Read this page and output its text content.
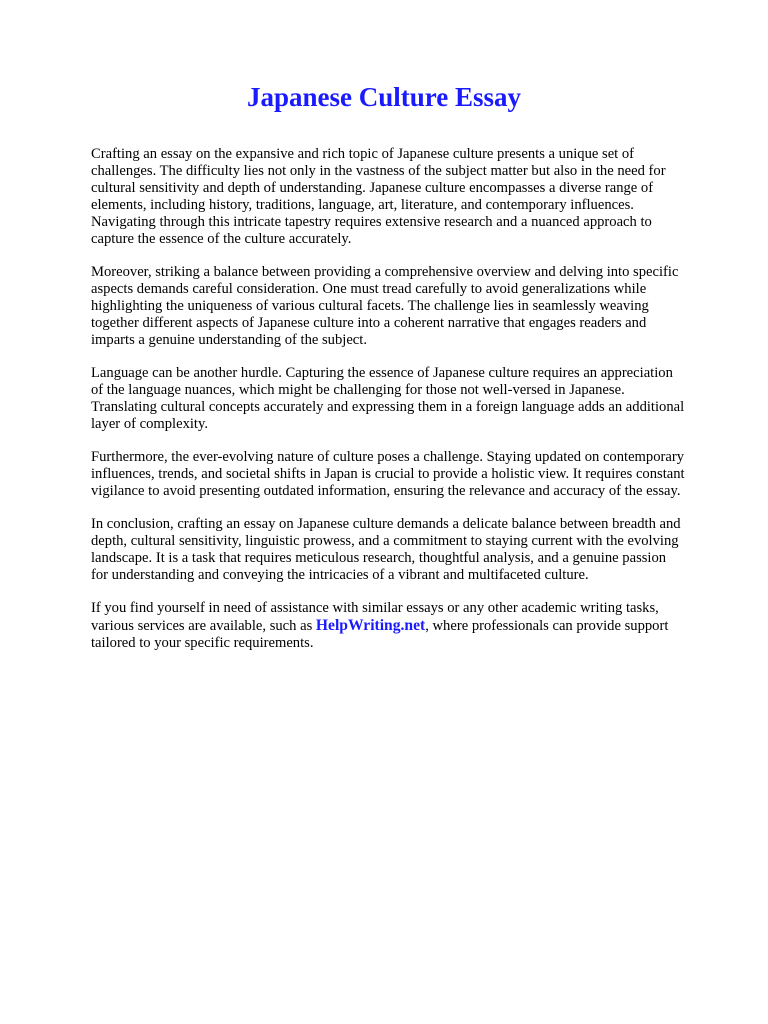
Japanese Culture Essay

Crafting an essay on the expansive and rich topic of Japanese culture presents a unique set of
challenges. The difficulty lies not only in the vastness of the subject matter but also in the need for
cultural sensitivity and depth of understanding. Japanese culture encompasses a diverse range of
elements, including history, traditions, language, art, literature, and contemporary influences.
Navigating through this intricate tapestry requires extensive research and a nuanced approach to
capture the essence of the culture accurately.

Moreover, striking a balance between providing a comprehensive overview and delving into specific
aspects demands careful consideration. One must tread carefully to avoid generalizations while
highlighting the uniqueness of various cultural facets. The challenge lies in seamlessly weaving
together different aspects of Japanese culture into a coherent narrative that engages readers and
imparts a genuine understanding of the subject.

Language can be another hurdle. Capturing the essence of Japanese culture requires an appreciation
of the language nuances, which might be challenging for those not well-versed in Japanese.
Translating cultural concepts accurately and expressing them in a foreign language adds an additional
layer of complexity.

Furthermore, the ever-evolving nature of culture poses a challenge. Staying updated on contemporary
influences, trends, and societal shifts in Japan is crucial to provide a holistic view. It requires constant
vigilance to avoid presenting outdated information, ensuring the relevance and accuracy of the essay.

In conclusion, crafting an essay on Japanese culture demands a delicate balance between breadth and
depth, cultural sensitivity, linguistic prowess, and a commitment to staying current with the evolving
landscape. It is a task that requires meticulous research, thoughtful analysis, and a genuine passion
for understanding and conveying the intricacies of a vibrant and multifaceted culture.

If you find yourself in need of assistance with similar essays or any other academic writing tasks,
various services are available, such as HelpWriting.net, where professionals can provide support
tailored to your specific requirements.
